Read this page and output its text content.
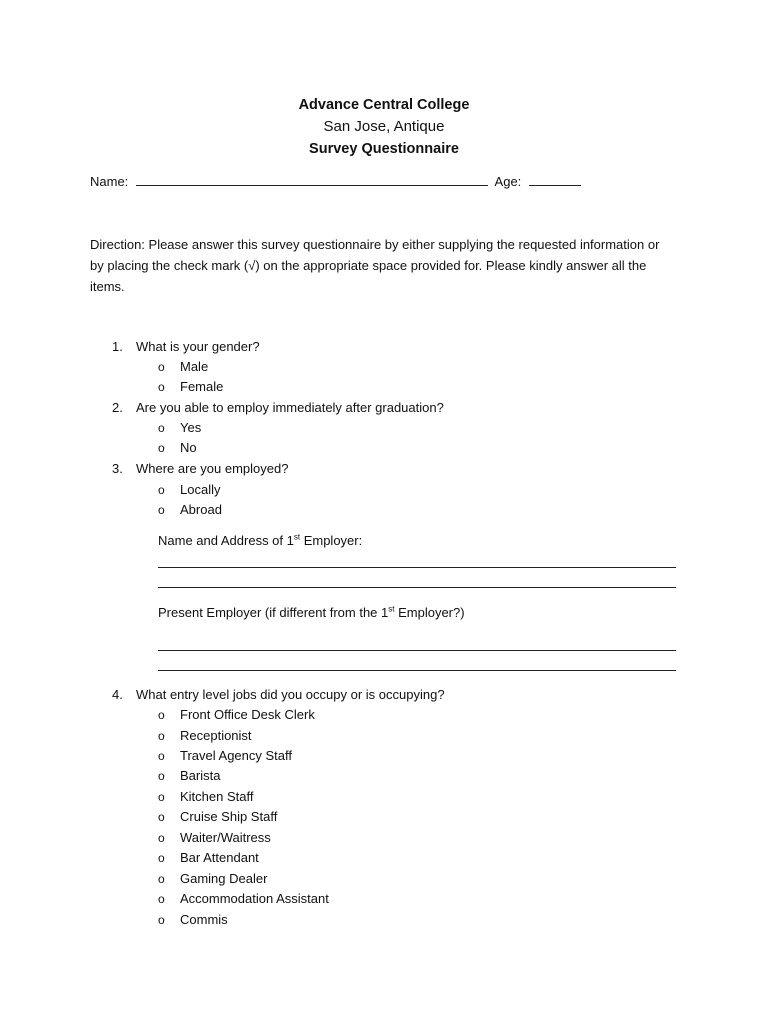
Advance Central College
San Jose, Antique
Survey Questionnaire
Name:	Age:
Direction: Please answer this survey questionnaire by either supplying the requested information or by placing the check mark (√) on the appropriate space provided for. Please kindly answer all the items.
1. What is your gender?
o Male
o Female
2. Are you able to employ immediately after graduation?
o Yes
o No
3. Where are you employed?
o Locally
o Abroad
Name and Address of 1st Employer:
Present Employer (if different from the 1st Employer?)
4. What entry level jobs did you occupy or is occupying?
o Front Office Desk Clerk
o Receptionist
o Travel Agency Staff
o Barista
o Kitchen Staff
o Cruise Ship Staff
o Waiter/Waitress
o Bar Attendant
o Gaming Dealer
o Accommodation Assistant
o Commis
